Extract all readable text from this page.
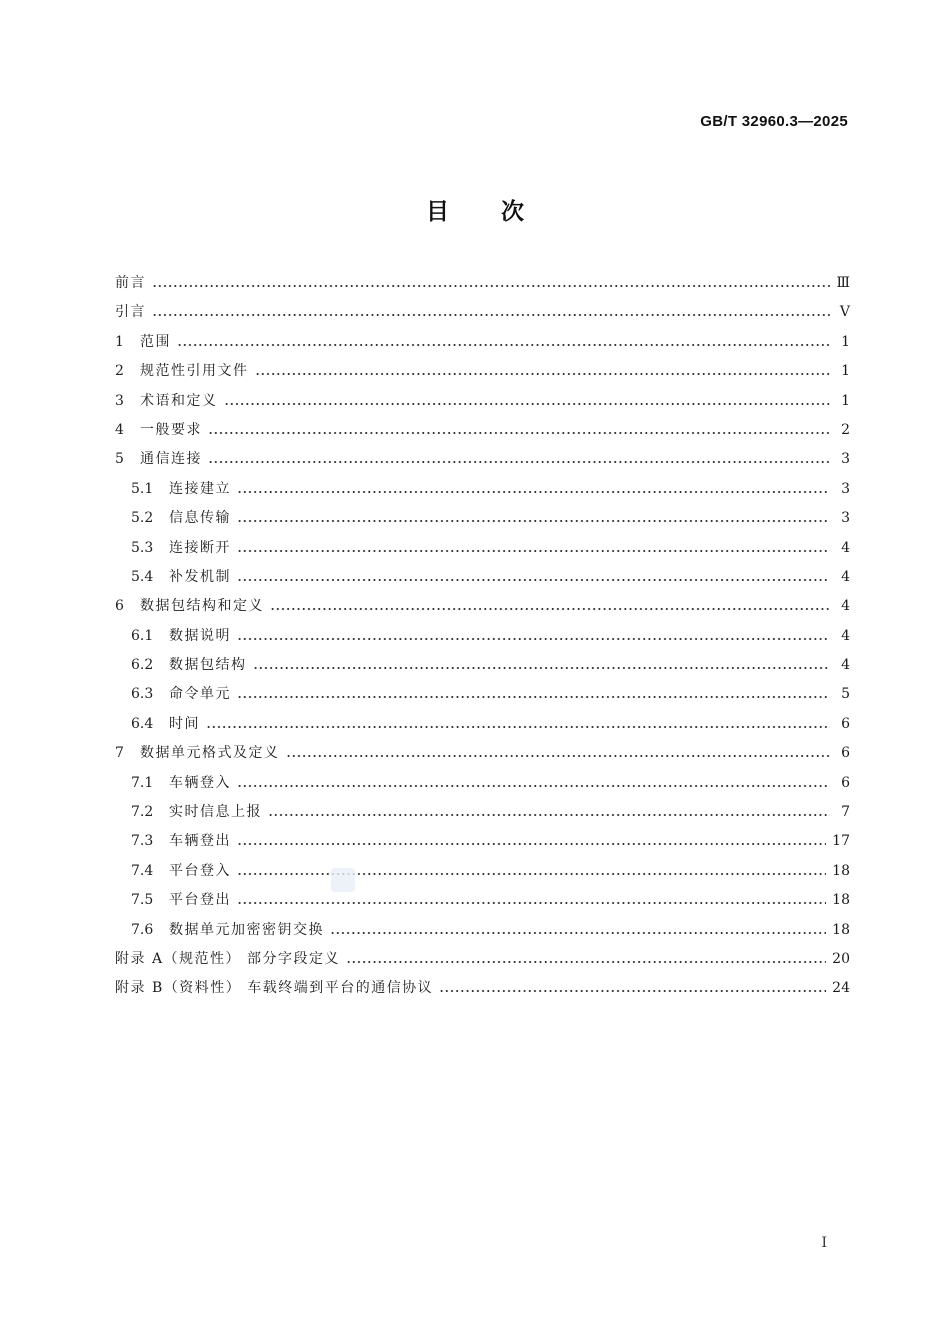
GB/T 32960.3—2025
目次
前言	Ⅲ
引言	Ⅴ
1	范围	1
2	规范性引用文件	1
3	术语和定义	1
4	一般要求	2
5	通信连接	3
5.1	连接建立	3
5.2	信息传输	3
5.3	连接断开	4
5.4	补发机制	4
6	数据包结构和定义	4
6.1	数据说明	4
6.2	数据包结构	4
6.3	命令单元	5
6.4	时间	6
7	数据单元格式及定义	6
7.1	车辆登入	6
7.2	实时信息上报	7
7.3	车辆登出	17
7.4	平台登入	18
7.5	平台登出	18
7.6	数据单元加密密钥交换	18
附录 A（规范性） 部分字段定义	20
附录 B（资料性） 车载终端到平台的通信协议	24
Ⅰ
